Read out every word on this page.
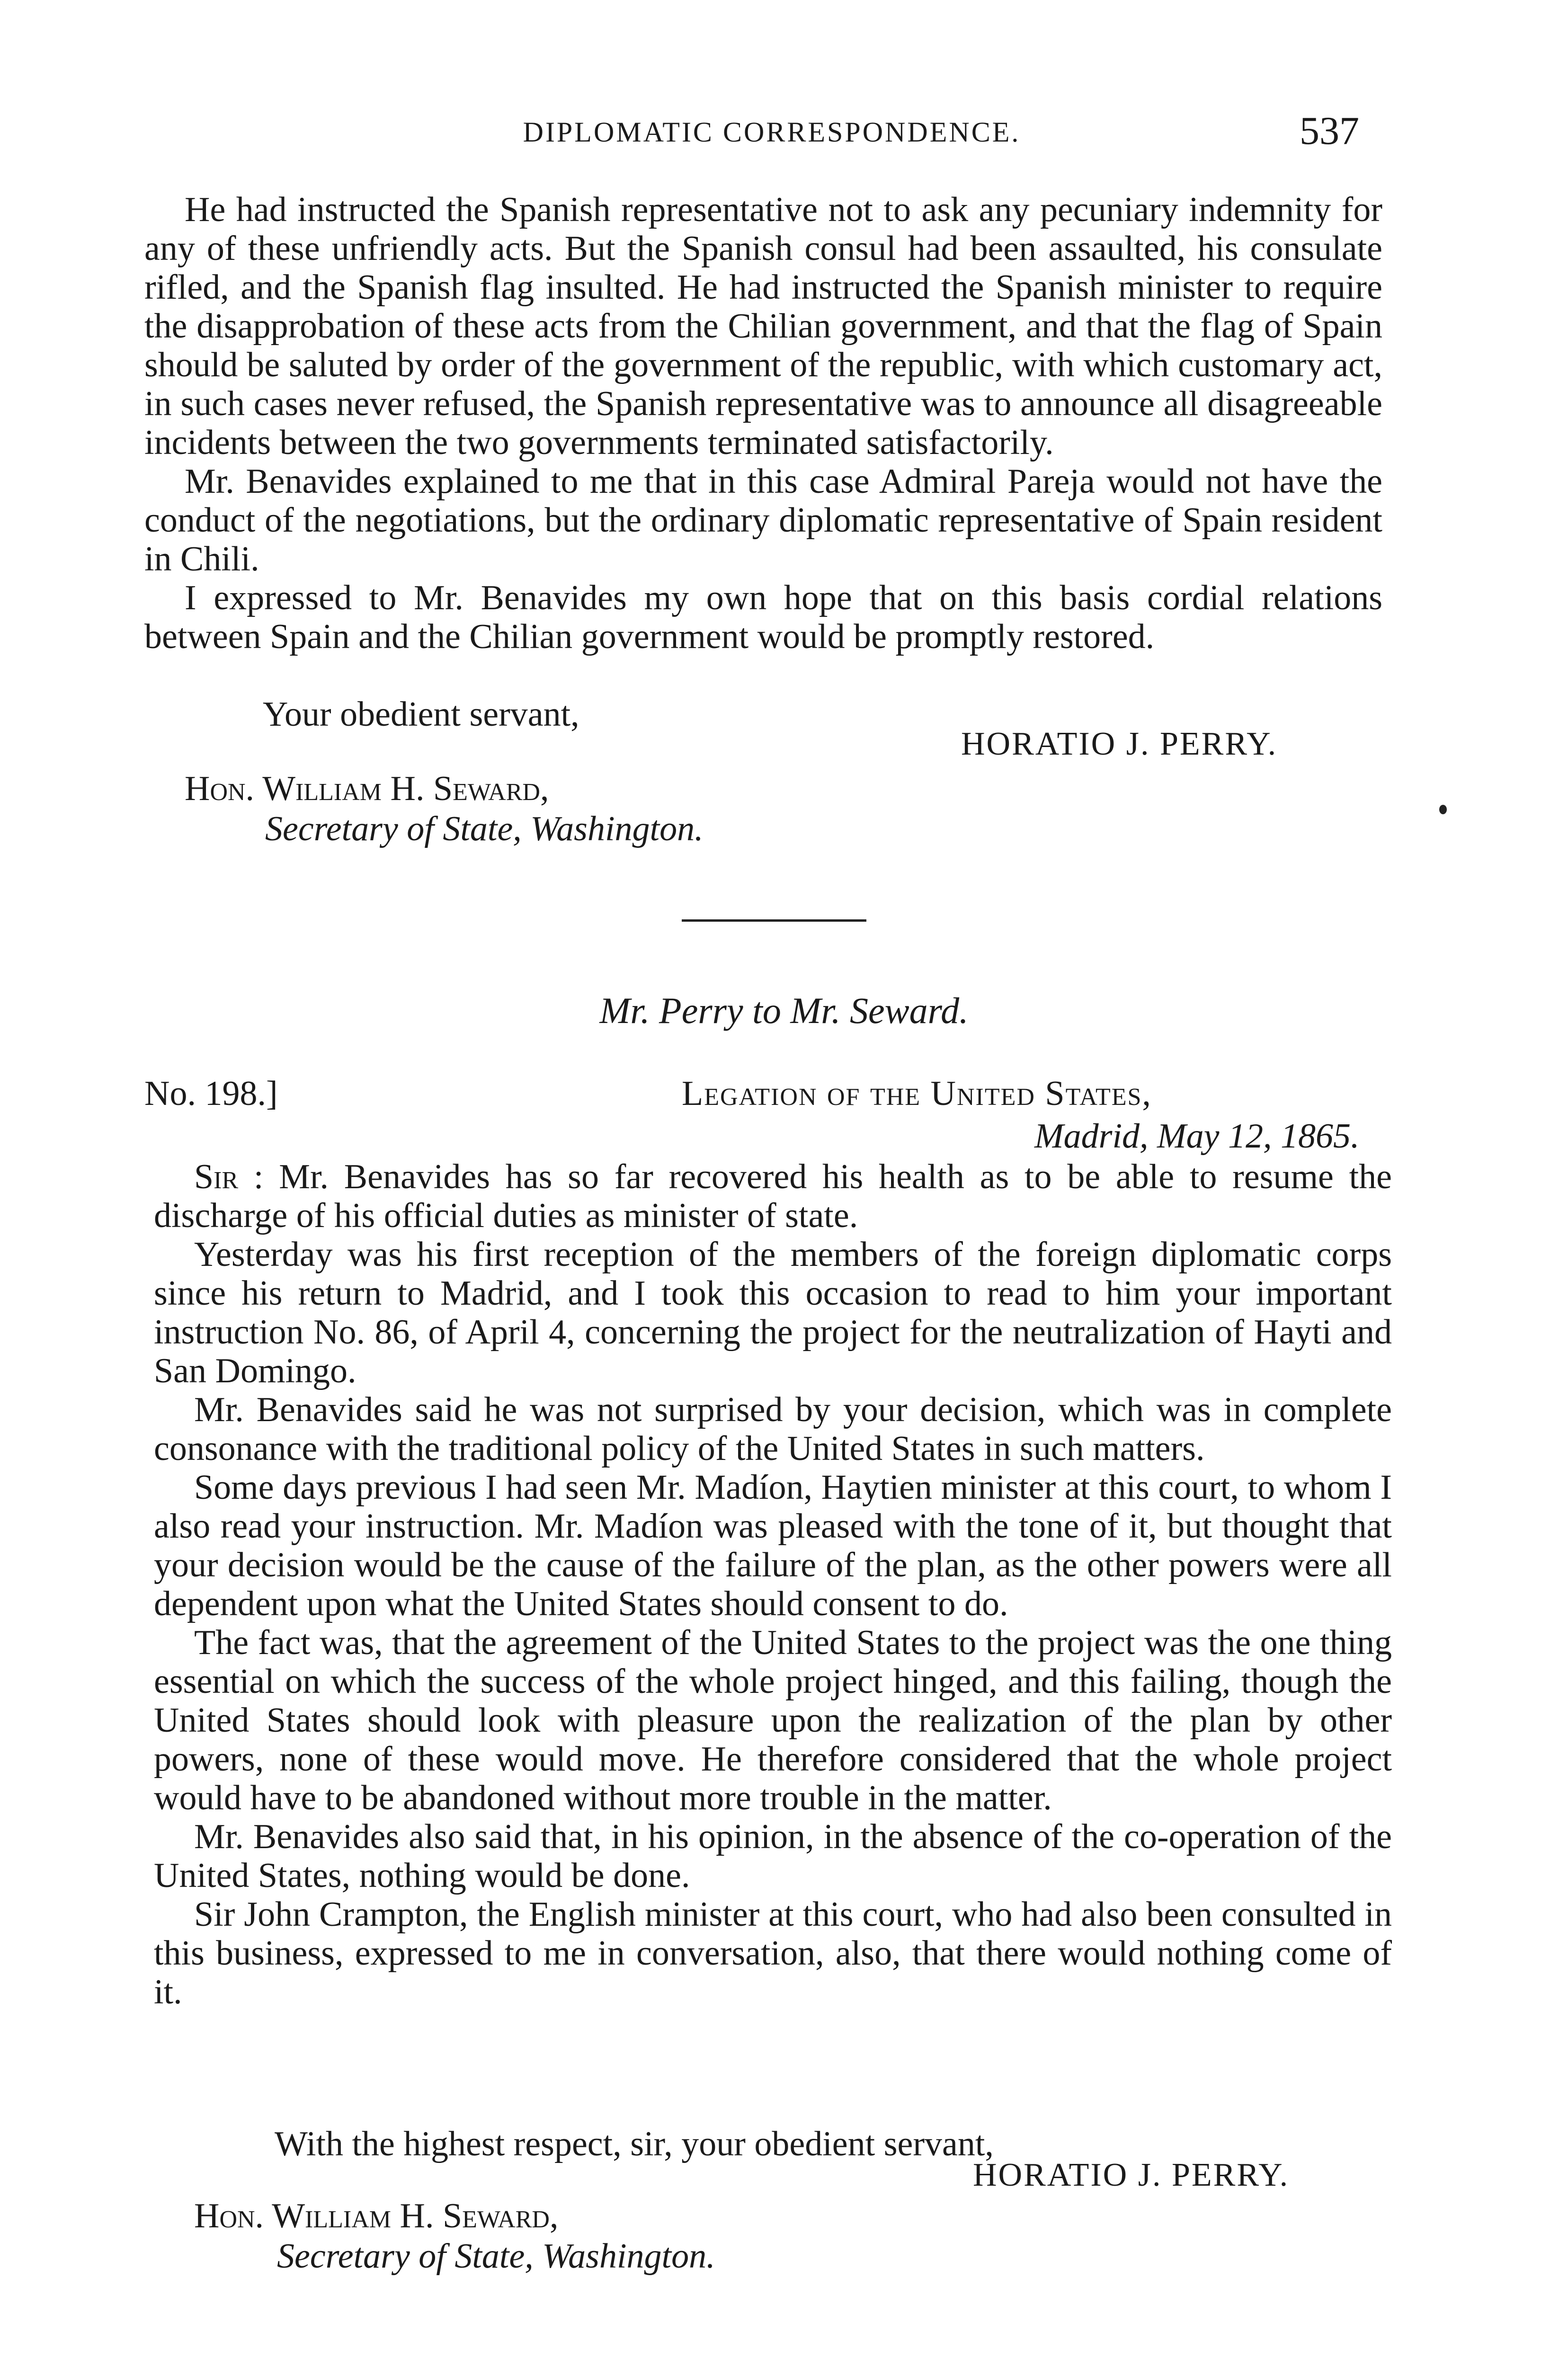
DIPLOMATIC CORRESPONDENCE.	537

He had instructed the Spanish representative not to ask any pecuniary indemnity for any of these unfriendly acts. But the Spanish consul had been assaulted, his consulate rifled, and the Spanish flag insulted. He had instructed the Spanish minister to require the disapprobation of these acts from the Chilian government, and that the flag of Spain should be saluted by order of the government of the republic, with which customary act, in such cases never refused, the Spanish representative was to announce all disagreeable incidents between the two governments terminated satisfactorily.

Mr. Benavides explained to me that in this case Admiral Pareja would not have the conduct of the negotiations, but the ordinary diplomatic representative of Spain resident in Chili.

I expressed to Mr. Benavides my own hope that on this basis cordial relations between Spain and the Chilian government would be promptly restored.

Your obedient servant,
HORATIO J. PERRY.
Hon. William H. Seward,
Secretary of State, Washington.
Mr. Perry to Mr. Seward.
No. 198.]	Legation of the United States,
Madrid, May 12, 1865.

Sir : Mr. Benavides has so far recovered his health as to be able to resume the discharge of his official duties as minister of state.

Yesterday was his first reception of the members of the foreign diplomatic corps since his return to Madrid, and I took this occasion to read to him your important instruction No. 86, of April 4, concerning the project for the neutralization of Hayti and San Domingo.

Mr. Benavides said he was not surprised by your decision, which was in complete consonance with the traditional policy of the United States in such matters.

Some days previous I had seen Mr. Madíon, Haytien minister at this court, to whom I also read your instruction. Mr. Madíon was pleased with the tone of it, but thought that your decision would be the cause of the failure of the plan, as the other powers were all dependent upon what the United States should consent to do.

The fact was, that the agreement of the United States to the project was the one thing essential on which the success of the whole project hinged, and this failing, though the United States should look with pleasure upon the realization of the plan by other powers, none of these would move. He therefore considered that the whole project would have to be abandoned without more trouble in the matter.

Mr. Benavides also said that, in his opinion, in the absence of the co-operation of the United States, nothing would be done.

Sir John Crampton, the English minister at this court, who had also been consulted in this business, expressed to me in conversation, also, that there would nothing come of it.

With the highest respect, sir, your obedient servant,
HORATIO J. PERRY.
Hon. William H. Seward,
Secretary of State, Washington.
